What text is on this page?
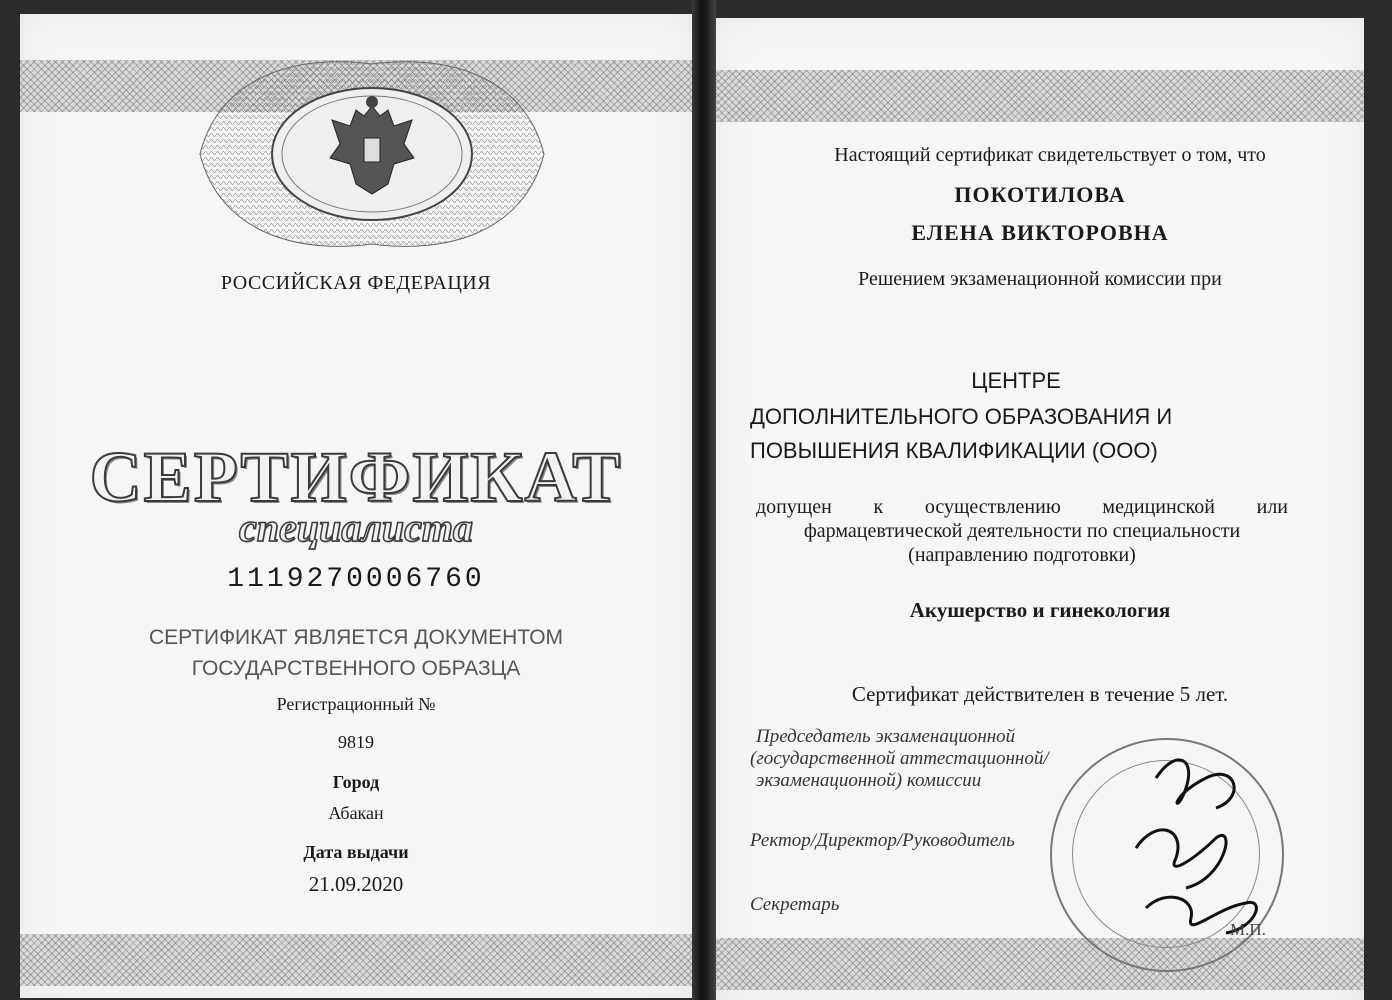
РОССИЙСКАЯ ФЕДЕРАЦИЯ
СЕРТИФИКАТ
специалиста
1119270006760
СЕРТИФИКАТ ЯВЛЯЕТСЯ ДОКУМЕНТОМ
ГОСУДАРСТВЕННОГО ОБРАЗЦА
Регистрационный №
9819
Город
Абакан
Дата выдачи
21.09.2020
Настоящий сертификат свидетельствует о том, что
ПОКОТИЛОВА
ЕЛЕНА ВИКТОРОВНА
Решением экзаменационной комиссии при
ЦЕНТРЕ
ДОПОЛНИТЕЛЬНОГО ОБРАЗОВАНИЯ И
ПОВЫШЕНИЯ КВАЛИФИКАЦИИ (ООО)
допущен к осуществлению медицинской или
фармацевтической деятельности по специальности
(направлению подготовки)
Акушерство и гинекология
Сертификат действителен в течение 5 лет.
Председатель экзаменационной
(государственной аттестационной/
экзаменационной) комиссии
Ректор/Директор/Руководитель
Секретарь
М.П.
